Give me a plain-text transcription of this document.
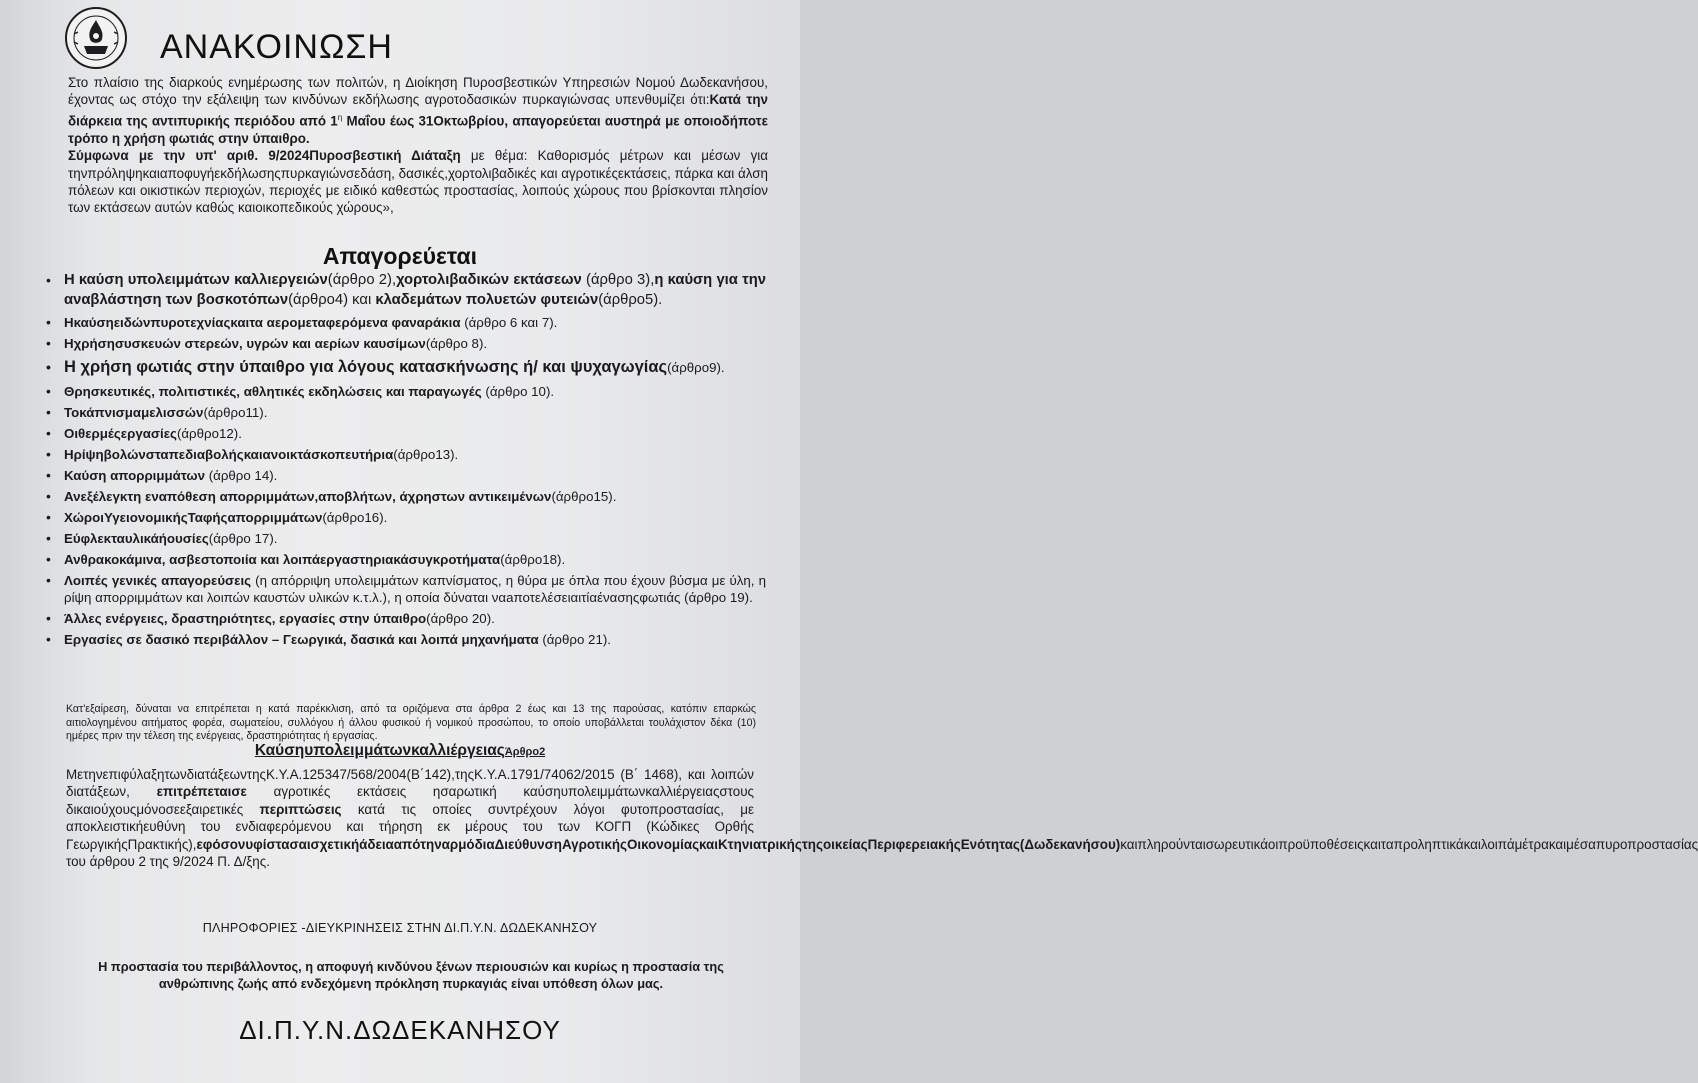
ΑΝΑΚΟΙΝΩΣΗ
Στο πλαίσιο της διαρκούς ενημέρωσης των πολιτών, η Διοίκηση Πυροσβεστικών Υπηρεσιών Νομού Δωδεκανήσου, έχοντας ως στόχο την εξάλειψη των κινδύνων εκδήλωσης αγροτοδασικών πυρκαγιώνσας υπενθυμίζει ότι:Κατά την διάρκεια της αντιπυρικής περιόδου από $1^\eta$ Μαΐου έως 31Οκτωβρίου, απαγορεύεται αυστηρά με οποιοδήποτε τρόπο η χρήση φωτιάς στην ύπαιθρο.
Σύμφωνα με την υπ' αριθ. 9/2024Πυροσβεστική Διάταξη με θέμα: Καθορισμός μέτρων και μέσων για τηνπρόληψηκαιαποφυγήεκδήλωσηςπυρκαγιώνσεδάση, δασικές,χορτολιβαδικές και αγροτικέςεκτάσεις, πάρκα και άλση πόλεων και οικιστικών περιοχών, περιοχές με ειδικό καθεστώς προστασίας, λοιπούς χώρους που βρίσκονται πλησίον των εκτάσεων αυτών καθώς καιοικοπεδικούς χώρους»,
Απαγορεύεται
• Η καύση υπολειμμάτων καλλιεργειών(άρθρο 2),χορτολιβαδικών εκτάσεων (άρθρο 3),η καύση για την αναβλάστηση των βοσκοτόπων(άρθρο4) και κλαδεμάτων πολυετών φυτειών(άρθρο5).
• Ηκαύσηειδώνπυροτεχνίαςκαιτα αερομεταφερόμενα φαναράκια (άρθρο 6 και 7).
• Ηχρήσησυσκευών στερεών, υγρών και αερίων καυσίμων(άρθρο 8).
• Η χρήση φωτιάς στην ύπαιθρο για λόγους κατασκήνωσης ή/ και ψυχαγωγίας(άρθρο9).
• Θρησκευτικές, πολιτιστικές, αθλητικές εκδηλώσεις και παραγωγές (άρθρο 10).
• Τοκάπνισμαμελισσών(άρθρο11).
• Οιθερμέςεργασίες(άρθρο12).
• Ηρίψηβολώνσταπεδιαβολήςκαιανοικτάσκοπευτήρια(άρθρο13).
• Καύση απορριμμάτων (άρθρο 14).
• Ανεξέλεγκτη εναπόθεση απορριμμάτων,αποβλήτων, άχρηστων αντικειμένων(άρθρο15).
• ΧώροιΥγειονομικήςΤαφήςαπορριμμάτων(άρθρο16).
• Εύφλεκταυλικάήουσίες(άρθρο 17).
• Ανθρακοκάμινα, ασβεστοποιία και λοιπάεργαστηριακάσυγκροτήματα(άρθρο18).
• Λοιπές γενικές απαγορεύσεις (η απόρριψη υπολειμμάτων καπνίσματος, η θύρα με όπλα που έχουν βύσμα με ύλη, η ρίψη απορριμμάτων και λοιπών καυστών υλικών κ.τ.λ.), η οποία δύναται ναaποτελέσειαιτίαένασηςφωτιάς (άρθρο 19).
• Άλλες ενέργειες, δραστηριότητες, εργασίες στην ύπαιθρο(άρθρο 20).
• Εργασίες σε δασικό περιβάλλον – Γεωργικά, δασικά και λοιπά μηχανήματα (άρθρο 21).
Κατ'εξαίρεση, δύναται να επιτρέπεται η κατά παρέκκλιση, από τα οριζόμενα στα άρθρα 2 έως και 13 της παρούσας, κατόπιν επαρκώς αιτιολογημένου αιτήματος φορέα, σωματείου, συλλόγου ή άλλου φυσικού ή νομικού προσώπου, το οποίο υποβάλλεται τουλάχιστον δέκα (10) ημέρες πριν την τέλεση της ενέργειας, δραστηριότητας ή εργασίας.
ΚαύσηυπολειμμάτωνκαλλιέργειαςΆρθρο2
ΜετηνεπιφύλαξητωνδιατάξεωντηςΚ.Υ.Α.125347/568/2004(Β΄142),τηςΚ.Υ.Α.1791/74062/2015 (Β΄ 1468), και λοιπών διατάξεων, επιτρέπεταισε αγροτικές εκτάσεις ησαρωτική καύσηυπολειμμάτωνκαλλιέργειαςστους δικαιούχουςμόνοσεεξαιρετικές περιπτώσεις κατά τις οποίες συντρέχουν λόγοι φυτοπροστασίας, με αποκλειστικήευθύνη του ενδιαφερόμενου και τήρηση εκ μέρους του των ΚΟΓΠ (Κώδικες Ορθής ΓεωργικήςΠρακτικής),εφόσονυφίστασαισχετικήάδειααπότηναρμόδιαΔιεύθυνσηΑγροτικήςΟικονομίαςκαιΚτηνιατρικήςτηςοικείαςΠεριφερειακήςΕνότητας(Δωδεκανήσου)καιπληρούνταισωρευτικάοιπροϋποθέσειςκαιταπροληπτικάκαιλοιπάμέτρακαιμέσαπυροπροστασίας του άρθρου 2 της 9/2024 Π. Δ/ξης.
ΠΛΗΡΟΦΟΡΙΕΣ -ΔΙΕΥΚΡΙΝΗΣΕΙΣ ΣΤΗΝ ΔΙ.Π.Υ.Ν. ΔΩΔΕΚΑΝΗΣΟΥ
Η προστασία του περιβάλλοντος, η αποφυγή κινδύνου ξένων περιουσιών και κυρίως η προστασία της ανθρώπινης ζωής από ενδεχόμενη πρόκληση πυρκαγιάς είναι υπόθεση όλων μας.
ΔΙ.Π.Υ.Ν.ΔΩΔΕΚΑΝΗΣΟΥ
